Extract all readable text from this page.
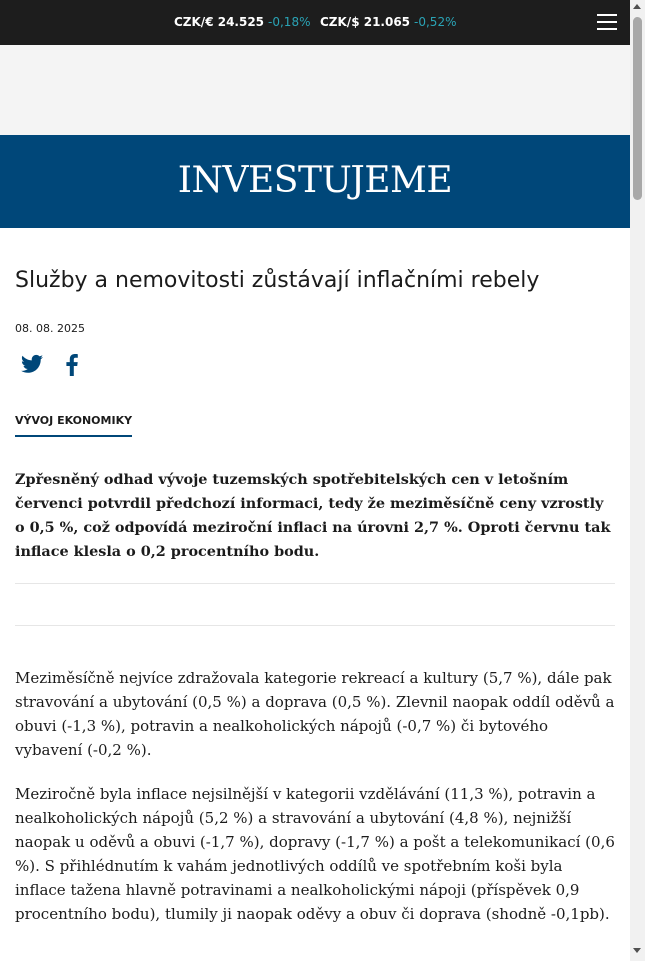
CZK/€ 24.525 -0,18% CZK/$ 21.065 -0,52%
INVESTUJEME
Služby a nemovitosti zůstávají inflačními rebely
08. 08. 2025

VÝVOJ EKONOMIKY

Zpřesněný odhad vývoje tuzemských spotřebitelských cen v letošním červenci potvrdil předchozí informaci, tedy že meziměsíčně ceny vzrostly o 0,5 %, což odpovídá meziroční inflaci na úrovni 2,7 %. Oproti červnu tak inflace klesla o 0,2 procentního bodu.

Meziměsíčně nejvíce zdražovala kategorie rekreací a kultury (5,7 %), dále pak stravování a ubytování (0,5 %) a doprava (0,5 %). Zlevnil naopak oddíl oděvů a obuvi (-1,3 %), potravin a nealkoholických nápojů (-0,7 %) či bytového vybavení (-0,2 %).

Meziročně byla inflace nejsilnější v kategorii vzdělávání (11,3 %), potravin a nealkoholických nápojů (5,2 %) a stravování a ubytování (4,8 %), nejnižší naopak u oděvů a obuvi (-1,7 %), dopravy (-1,7 %) a pošt a telekomunikací (0,6 %). S přihlédnutím k vahám jednotlivých oddílů ve spotřebním koši byla inflace tažena hlavně potravinami a nealkoholickými nápoji (příspěvek 0,9 procentního bodu), tlumily ji naopak oděvy a obuv či doprava (shodně -0,1pb).
